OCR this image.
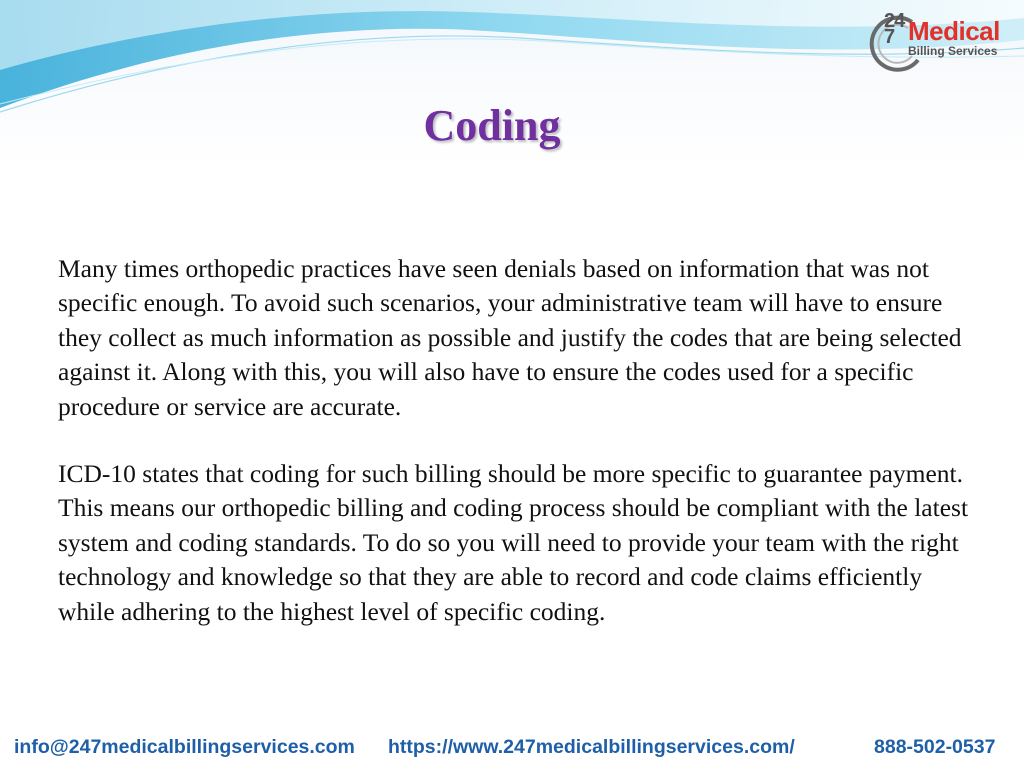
24
7 Medical
Billing Services
Coding

Many times orthopedic practices have seen denials based on information that was not specific enough. To avoid such scenarios, your administrative team will have to ensure they collect as much information as possible and justify the codes that are being selected against it. Along with this, you will also have to ensure the codes used for a specific procedure or service are accurate.

ICD-10 states that coding for such billing should be more specific to guarantee payment. This means our orthopedic billing and coding process should be compliant with the latest system and coding standards. To do so you will need to provide your team with the right technology and knowledge so that they are able to record and code claims efficiently while adhering to the highest level of specific coding.

info@247medicalbillingservices.com https://www.247medicalbillingservices.com/	888-502-0537
